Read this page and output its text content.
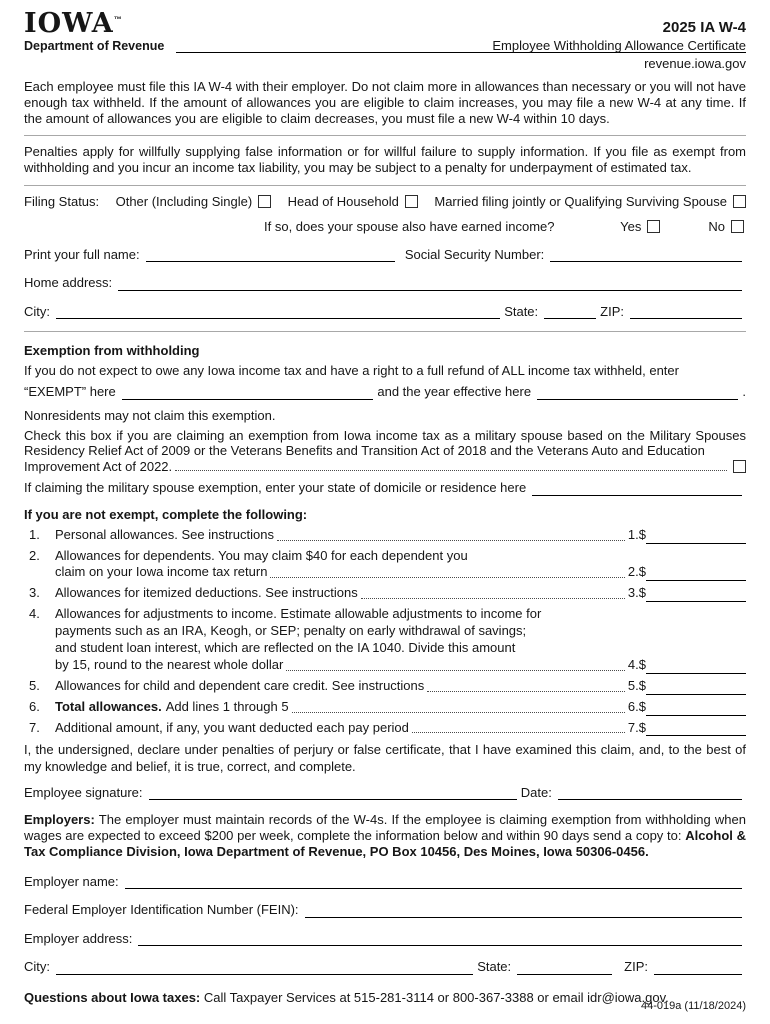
IOWA™
Department of Revenue
2025 IA W-4
Employee Withholding Allowance Certificate
revenue.iowa.gov

Each employee must file this IA W-4 with their employer. Do not claim more in allowances than necessary or you will not have enough tax withheld. If the amount of allowances you are eligible to claim increases, you may file a new W-4 at any time. If the amount of allowances you are eligible to claim decreases, you must file a new W-4 within 10 days.

Penalties apply for willfully supplying false information or for willful failure to supply information. If you file as exempt from withholding and you incur an income tax liability, you may be subject to a penalty for underpayment of estimated tax.

Filing Status: Other (Including Single)	Head of Household	Married filing jointly or Qualifying Surviving Spouse
If so, does your spouse also have earned income?	Yes	No
Print your full name:	Social Security Number:
Home address:
City:	State:	ZIP:
Exemption from withholding
If you do not expect to owe any Iowa income tax and have a right to a full refund of ALL income tax withheld, enter
“EXEMPT” here	and the year effective here	.

Nonresidents may not claim this exemption.

Check this box if you are claiming an exemption from Iowa income tax as a military spouse based on the Military Spouses Residency Relief Act of 2009 or the Veterans Benefits and Transition Act of 2018 and the Veterans Auto and Education
Improvement Act of 2022.
If claiming the military spouse exemption, enter your state of domicile or residence here
If you are not exempt, complete the following:
1.	Personal allowances. See instructions	1.$
2.	Allowances for dependents. You may claim $40 for each dependent you
claim on your Iowa income tax return	2.$
3.	Allowances for itemized deductions. See instructions	3.$
4.	Allowances for adjustments to income. Estimate allowable adjustments to income for
payments such as an IRA, Keogh, or SEP; penalty on early withdrawal of savings;
and student loan interest, which are reflected on the IA 1040. Divide this amount
by 15, round to the nearest whole dollar	4.$
5.	Allowances for child and dependent care credit. See instructions	5.$
6.	Total allowances. Add lines 1 through 5	6.$
7.	Additional amount, if any, you want deducted each pay period	7.$

I, the undersigned, declare under penalties of perjury or false certificate, that I have examined this claim, and, to the best of my knowledge and belief, it is true, correct, and complete.

Employee signature:	Date:

Employers: The employer must maintain records of the W-4s. If the employee is claiming exemption from withholding when wages are expected to exceed $200 per week, complete the information below and within 90 days send a copy to: Alcohol & Tax Compliance Division, Iowa Department of Revenue, PO Box 10456, Des Moines, Iowa 50306-0456.

Employer name:
Federal Employer Identification Number (FEIN):
Employer address:
City:	State:	ZIP:

Questions about Iowa taxes: Call Taxpayer Services at 515-281-3114 or 800-367-3388 or email idr@iowa.gov.

44-019a (11/18/2024)
